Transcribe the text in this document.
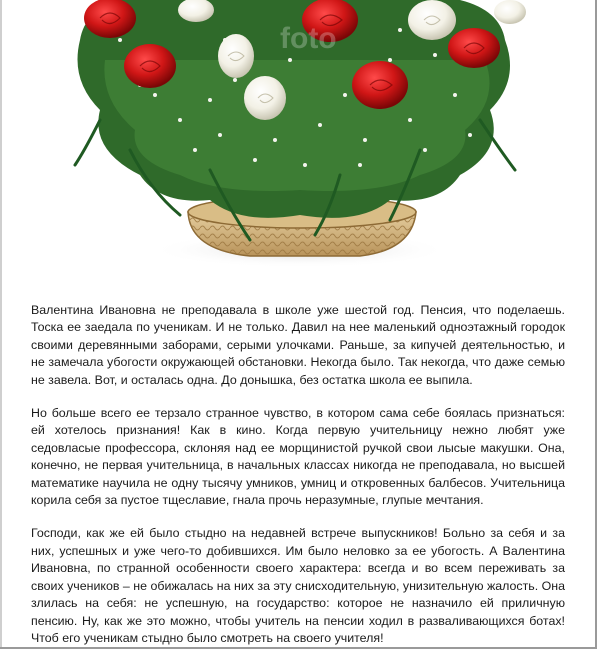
foto

Валентина Ивановна не преподавала в школе уже шестой год. Пенсия, что поделаешь. Тоска ее заедала по ученикам. И не только. Давил на нее маленький одноэтажный городок своими деревянными заборами, серыми улочками. Раньше, за кипучей деятельностью, и не замечала убогости окружающей обстановки. Некогда было. Так некогда, что даже семью не завела. Вот, и осталась одна. До донышка, без остатка школа ее выпила.

Но больше всего ее терзало странное чувство, в котором сама себе боялась признаться: ей хотелось признания! Как в кино. Когда первую учительницу нежно любят уже седовласые профессора, склоняя над ее морщинистой ручкой свои лысые макушки. Она, конечно, не первая учительница, в начальных классах никогда не преподавала, но высшей математике научила не одну тысячу умников, умниц и откровенных балбесов. Учительница корила себя за пустое тщеславие, гнала прочь неразумные, глупые мечтания.

Господи, как же ей было стыдно на недавней встрече выпускников! Больно за себя и за них, успешных и уже чего-то добившихся. Им было неловко за ее убогость. А Валентина Ивановна, по странной особенности своего характера: всегда и во всем переживать за своих учеников – не обижалась на них за эту снисходительную, унизительную жалость. Она злилась на себя: не успешную, на государство: которое не назначило ей приличную пенсию. Ну, как же это можно, чтобы учитель на пенсии ходил в разваливающихся ботах! Чтоб его ученикам стыдно было смотреть на своего учителя!
